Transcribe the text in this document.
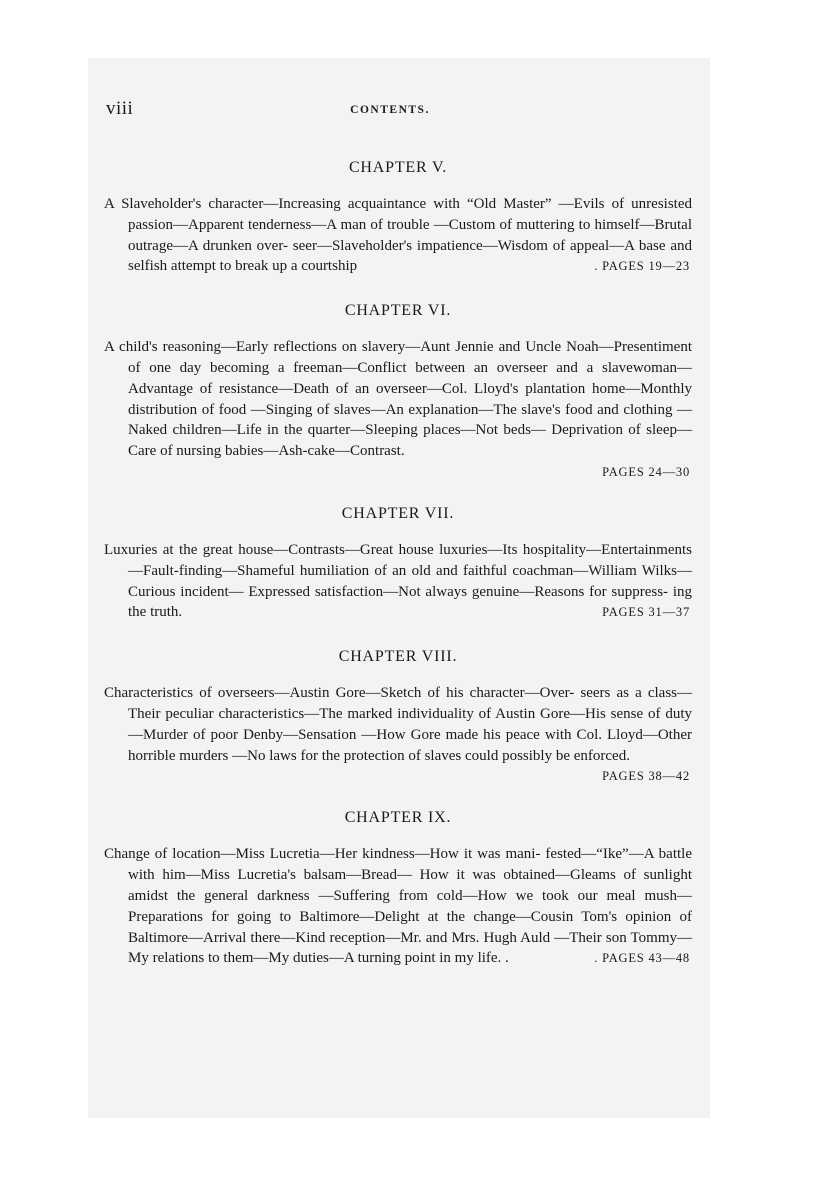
viii	CONTENTS.
CHAPTER V.

A Slaveholder's character—Increasing acquaintance with “Old Master” —Evils of unresisted passion—Apparent tenderness—A man of trouble —Custom of muttering to himself—Brutal outrage—A drunken over- seer—Slaveholder's impatience—Wisdom of appeal—A base and selfish attempt to break up a courtship	. PAGES 19—23

CHAPTER VI.

A child's reasoning—Early reflections on slavery—Aunt Jennie and Uncle Noah—Presentiment of one day becoming a freeman—Conflict between an overseer and a slavewoman—Advantage of resistance—Death of an overseer—Col. Lloyd's plantation home—Monthly distribution of food —Singing of slaves—An explanation—The slave's food and clothing —Naked children—Life in the quarter—Sleeping places—Not beds— Deprivation of sleep—Care of nursing babies—Ash-cake—Contrast.

PAGES 24—30
CHAPTER VII.

Luxuries at the great house—Contrasts—Great house luxuries—Its hospitality—Entertainments—Fault-finding—Shameful humiliation of an old and faithful coachman—William Wilks—Curious incident— Expressed satisfaction—Not always genuine—Reasons for suppress- ing the truth.	PAGES 31—37

CHAPTER VIII.

Characteristics of overseers—Austin Gore—Sketch of his character—Over- seers as a class—Their peculiar characteristics—The marked individuality of Austin Gore—His sense of duty—Murder of poor Denby—Sensation —How Gore made his peace with Col. Lloyd—Other horrible murders —No laws for the protection of slaves could possibly be enforced.

PAGES 38—42
CHAPTER IX.

Change of location—Miss Lucretia—Her kindness—How it was mani- fested—“Ike”—A battle with him—Miss Lucretia's balsam—Bread— How it was obtained—Gleams of sunlight amidst the general darkness —Suffering from cold—How we took our meal mush—Preparations for going to Baltimore—Delight at the change—Cousin Tom's opinion of Baltimore—Arrival there—Kind reception—Mr. and Mrs. Hugh Auld —Their son Tommy—My relations to them—My duties—A turning point in my life. .	. PAGES 43—48
